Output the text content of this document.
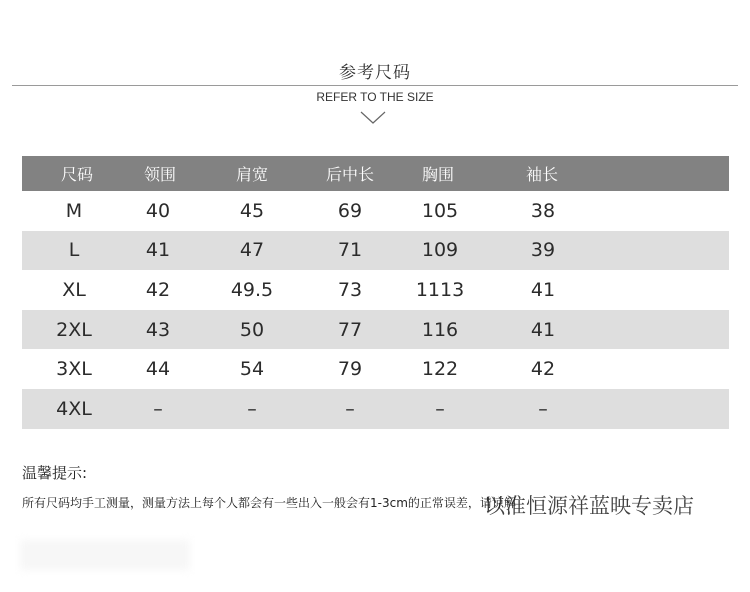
参考尺码
REFER TO THE SIZE
尺码	领围	肩宽	后中长	胸围	袖长
M	40	45	69	105	38
L	41	47	71	109	39
XL	42	49.5	73	1113	41
2XL	43	50	77	116	41
3XL	44	54	79	122	42
4XL	–	–	–	–	–
温馨提示:
所有尺码均手工测量，测量方法上每个人都会有一些出入一般会有1-3cm的正常误差，请谅解
以淮恒源祥蓝映专卖店
